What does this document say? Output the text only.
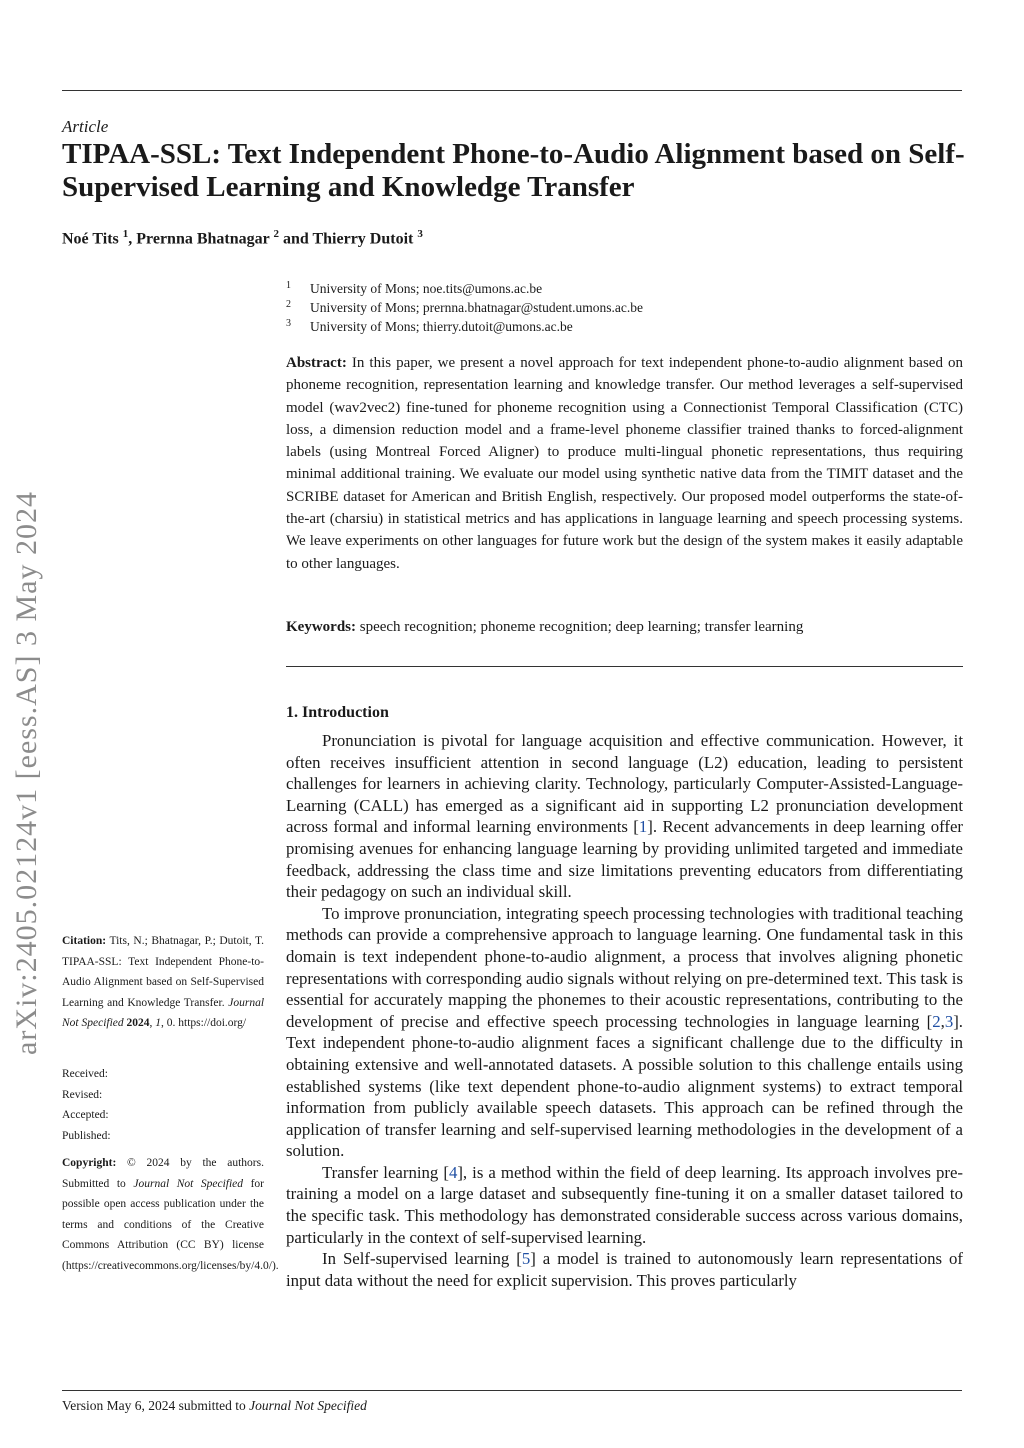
Article
TIPAA-SSL: Text Independent Phone-to-Audio Alignment based on Self-Supervised Learning and Knowledge Transfer
Noé Tits $^1$, Prernna Bhatnagar $^2$ and Thierry Dutoit $^3$
1 University of Mons; noe.tits@umons.ac.be
2 University of Mons; prernna.bhatnagar@student.umons.ac.be
3 University of Mons; thierry.dutoit@umons.ac.be

Abstract: In this paper, we present a novel approach for text independent phone-to-audio alignment based on phoneme recognition, representation learning and knowledge transfer. Our method leverages a self-supervised model (wav2vec2) fine-tuned for phoneme recognition using a Connectionist Temporal Classification (CTC) loss, a dimension reduction model and a frame-level phoneme classifier trained thanks to forced-alignment labels (using Montreal Forced Aligner) to produce multi-lingual phonetic representations, thus requiring minimal additional training. We evaluate our model using synthetic native data from the TIMIT dataset and the SCRIBE dataset for American and British English, respectively. Our proposed model outperforms the state-of-the-art (charsiu) in statistical metrics and has applications in language learning and speech processing systems. We leave experiments on other languages for future work but the design of the system makes it easily adaptable to other languages.

Keywords: speech recognition; phoneme recognition; deep learning; transfer learning
1. Introduction

Pronunciation is pivotal for language acquisition and effective communication. However, it often receives insufficient attention in second language (L2) education, leading to persistent challenges for learners in achieving clarity. Technology, particularly Computer-Assisted-Language-Learning (CALL) has emerged as a significant aid in supporting L2 pronunciation development across formal and informal learning environments [1]. Recent advancements in deep learning offer promising avenues for enhancing language learning by providing unlimited targeted and immediate feedback, addressing the class time and size limitations preventing educators from differentiating their pedagogy on such an individual skill.

To improve pronunciation, integrating speech processing technologies with traditional teaching methods can provide a comprehensive approach to language learning. One fundamental task in this domain is text independent phone-to-audio alignment, a process that involves aligning phonetic representations with corresponding audio signals without relying on pre-determined text. This task is essential for accurately mapping the phonemes to their acoustic representations, contributing to the development of precise and effective speech processing technologies in language learning [2,3]. Text independent phone-to-audio alignment faces a significant challenge due to the difficulty in obtaining extensive and well-annotated datasets. A possible solution to this challenge entails using established systems (like text dependent phone-to-audio alignment systems) to extract temporal information from publicly available speech datasets. This approach can be refined through the application of transfer learning and self-supervised learning methodologies in the development of a solution.

Transfer learning [4], is a method within the field of deep learning. Its approach involves pre-training a model on a large dataset and subsequently fine-tuning it on a smaller dataset tailored to the specific task. This methodology has demonstrated considerable success across various domains, particularly in the context of self-supervised learning.

In Self-supervised learning [5] a model is trained to autonomously learn representations of input data without the need for explicit supervision. This proves particularly

Citation: Tits, N.; Bhatnagar, P.; Dutoit, T. TIPAA-SSL: Text Independent Phone-to-Audio Alignment based on Self-Supervised Learning and Knowledge Transfer. Journal Not Specified 2024, 1, 0. https://doi.org/
Received:
Revised:
Accepted:
Published:
Copyright: © 2024 by the authors. Submitted to Journal Not Specified for possible open access publication under the terms and conditions of the Creative Commons Attribution (CC BY) license (https://creativecommons.org/licenses/by/4.0/).
arXiv:2405.02124v1 [eess.AS] 3 May 2024
Version May 6, 2024 submitted to Journal Not Specified
